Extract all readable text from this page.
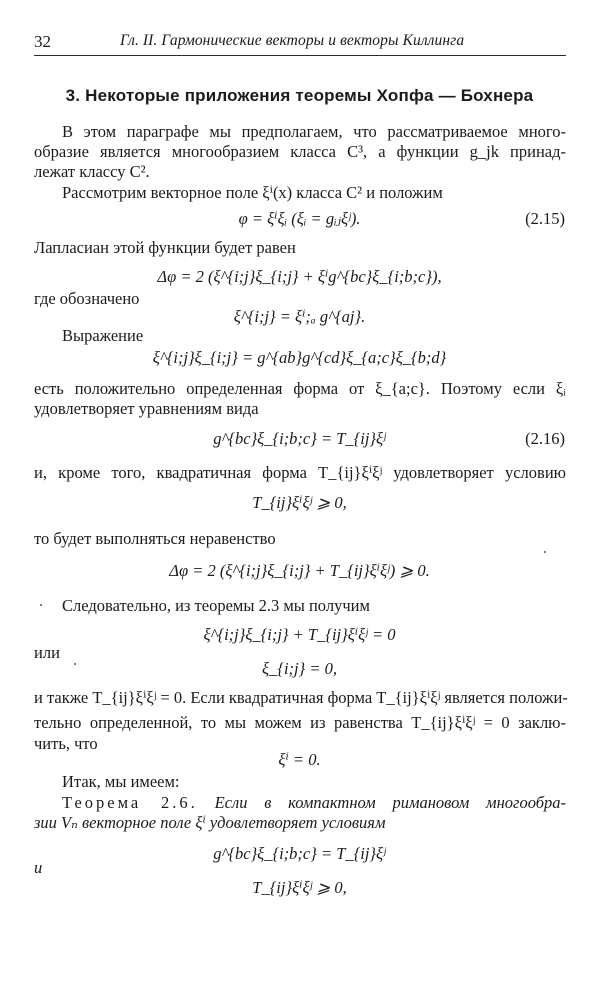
32	Гл. II. Гармонические векторы и векторы Киллинга
3. Некоторые приложения теоремы Хопфа — Бохнера
В этом параграфе мы предполагаем, что рассматриваемое много-
образие является многообразием класса C³, а функции g_jk принад-
лежат классу C².
Рассмотрим векторное поле ξⁱ(x) класса C² и положим
φ = ξⁱξᵢ (ξᵢ = gᵢⱼξʲ).	(2.15)
Лапласиан этой функции будет равен
Δφ = 2 (ξ^{i;j}ξ_{i;j} + ξⁱg^{bc}ξ_{i;b;c}),
где обозначено
ξ^{i;j} = ξⁱ;ₐ g^{aj}.
Выражение
ξ^{i;j}ξ_{i;j} = g^{ab}g^{cd}ξ_{a;c}ξ_{b;d}
есть положительно определенная форма от ξ_{a;c}. Поэтому если ξᵢ
удовлетворяет уравнениям вида
g^{bc}ξ_{i;b;c} = T_{ij}ξʲ	(2.16)
и, кроме того, квадратичная форма T_{ij}ξⁱξʲ удовлетворяет условию
T_{ij}ξⁱξʲ ⩾ 0,
то будет выполняться неравенство
Δφ = 2 (ξ^{i;j}ξ_{i;j} + T_{ij}ξⁱξʲ) ⩾ 0.
Следовательно, из теоремы 2.3 мы получим
ξ^{i;j}ξ_{i;j} + T_{ij}ξⁱξʲ = 0
или
ξ_{i;j} = 0,
и также T_{ij}ξⁱξʲ = 0. Если квадратичная форма T_{ij}ξⁱξʲ является положи-
тельно определенной, то мы можем из равенства T_{ij}ξⁱξʲ = 0 заклю-
чить, что
ξⁱ = 0.
Итак, мы имеем:
Теорема 2.6. Если в компактном римановом многообра-
зии Vₙ векторное поле ξⁱ удовлетворяет условиям
g^{bc}ξ_{i;b;c} = T_{ij}ξʲ
и
T_{ij}ξⁱξʲ ⩾ 0,
